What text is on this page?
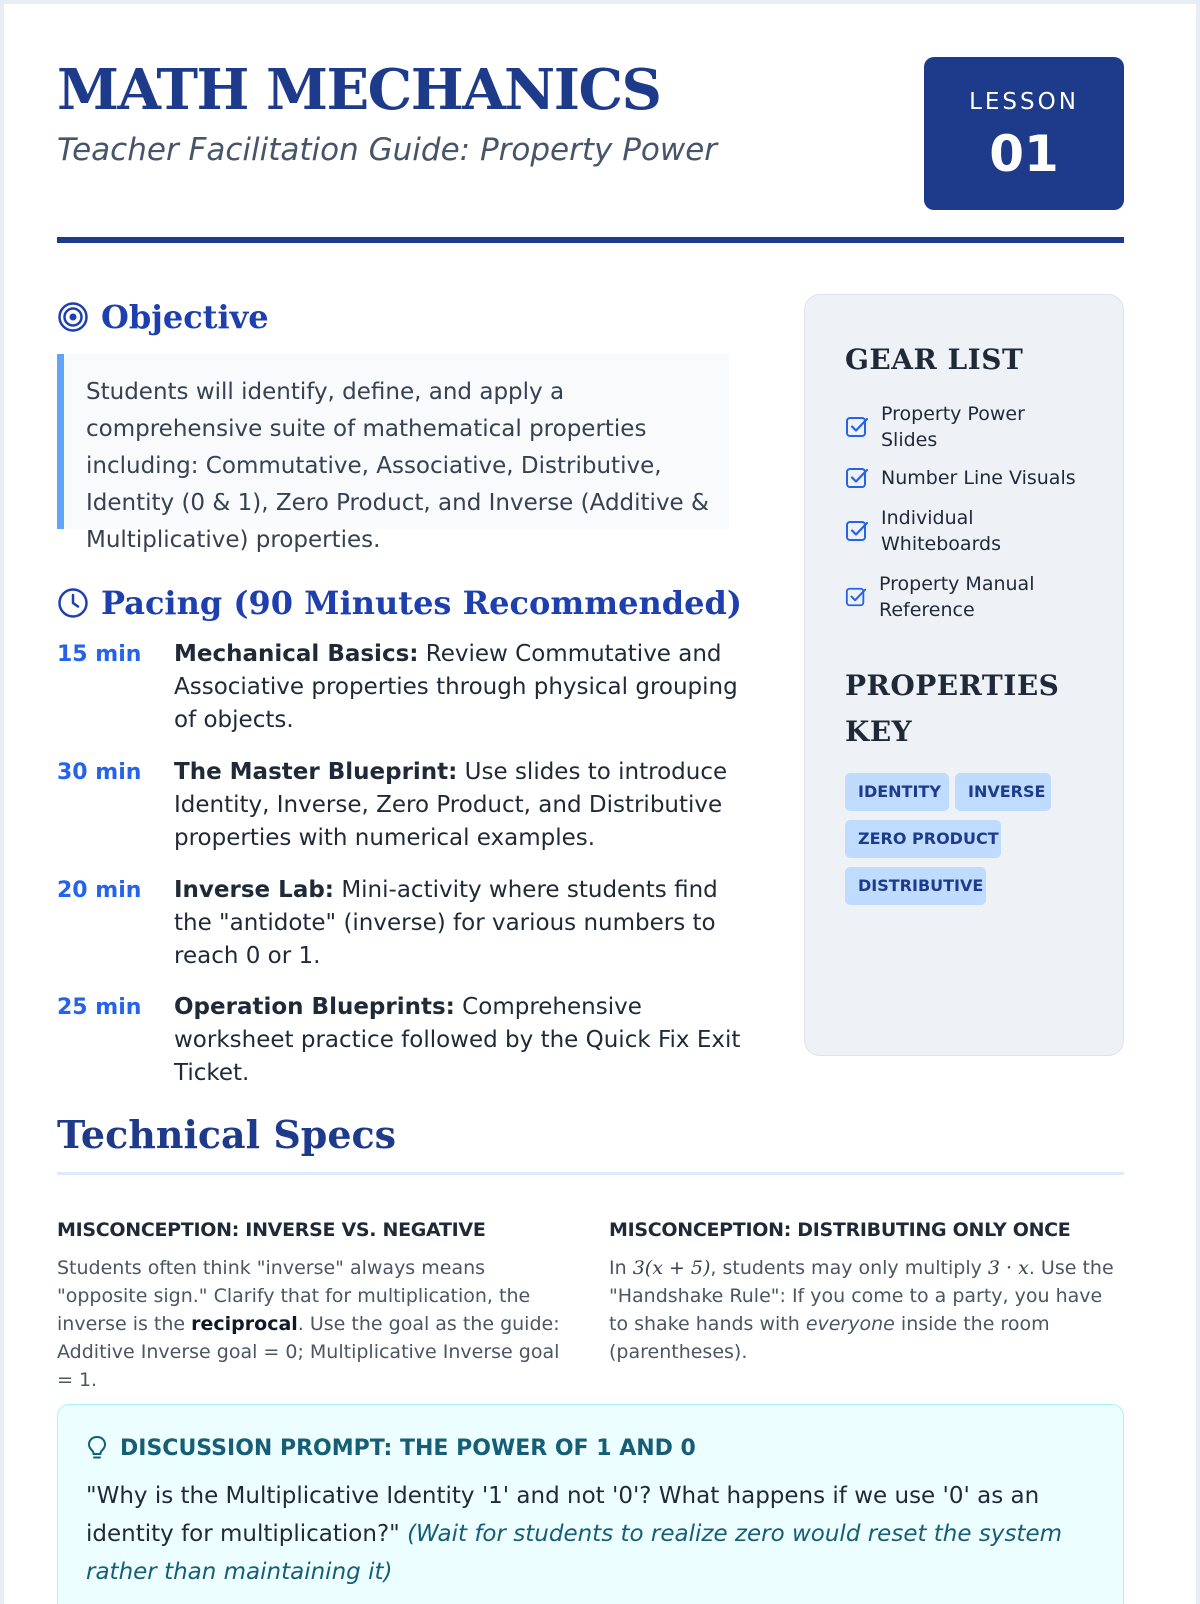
MATH MECHANICS
Teacher Facilitation Guide: Property Power
LESSON
01
Objective
Students will identify, define, and apply a comprehensive suite of mathematical properties including: Commutative, Associative, Distributive, Identity (0 & 1), Zero Product, and Inverse (Additive & Multiplicative) properties.
Pacing (90 Minutes Recommended)
15 min	Mechanical Basics: Review Commutative and Associative properties through physical grouping of objects.
30 min	The Master Blueprint: Use slides to introduce Identity, Inverse, Zero Product, and Distributive properties with numerical examples.
20 min	Inverse Lab: Mini-activity where students find the "antidote" (inverse) for various numbers to reach 0 or 1.
25 min	Operation Blueprints: Comprehensive worksheet practice followed by the Quick Fix Exit Ticket.
GEAR LIST
Property Power Slides
Number Line Visuals
Individual Whiteboards
Property Manual Reference
PROPERTIES
KEY
IDENTITY	INVERSE
ZERO PRODUCT
DISTRIBUTIVE
Technical Specs
MISCONCEPTION: INVERSE VS. NEGATIVE
Students often think "inverse" always means "opposite sign." Clarify that for multiplication, the inverse is the reciprocal. Use the goal as the guide: Additive Inverse goal = 0; Multiplicative Inverse goal = 1.
MISCONCEPTION: DISTRIBUTING ONLY ONCE
In 3(x + 5), students may only multiply 3 · x. Use the "Handshake Rule": If you come to a party, you have to shake hands with everyone inside the room (parentheses).
DISCUSSION PROMPT: THE POWER OF 1 AND 0
"Why is the Multiplicative Identity '1' and not '0'? What happens if we use '0' as an identity for multiplication?" (Wait for students to realize zero would reset the system rather than maintaining it)
